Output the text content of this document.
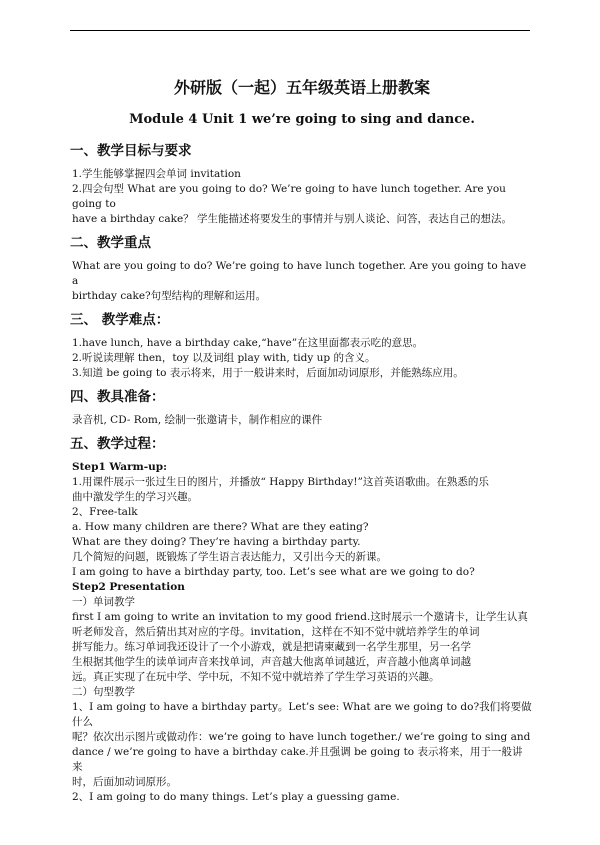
外研版（一起）五年级英语上册教案
Module 4 Unit 1 we’re going to sing and dance.
一、教学目标与要求

1.学生能够掌握四会单词 invitation

2.四会句型 What are you going to do? We’re going to have lunch together. Are you going to

have a birthday cake？ 学生能描述将要发生的事情并与别人谈论、问答，表达自己的想法。

二、教学重点

What are you going to do? We’re going to have lunch together. Are you going to have a

birthday cake?句型结构的理解和运用。

三、 教学难点：

1.have lunch, have a birthday cake,“have”在这里面都表示吃的意思。

2.听说读理解 then，toy 以及词组 play with, tidy up 的含义。

3.知道 be going to 表示将来，用于一般讲来时，后面加动词原形，并能熟练应用。

四、教具准备：

录音机, CD- Rom, 绘制一张邀请卡，制作相应的课件

五、教学过程：

Step1 Warm-up:

1.用课件展示一张过生日的图片，并播放“ Happy Birthday!”这首英语歌曲。在熟悉的乐

曲中激发学生的学习兴趣。

2、Free-talk

a. How many children are there? What are they eating?

What are they doing? They’re having a birthday party.

几个简短的问题，既锻炼了学生语言表达能力，又引出今天的新课。

I am going to have a birthday party, too. Let’s see what are we going to do?

Step2 Presentation

一）单词教学

first I am going to write an invitation to my good friend.这时展示一个邀请卡，让学生认真

听老师发音，然后猜出其对应的字母。invitation，这样在不知不觉中就培养学生的单词

拼写能力。练习单词我还设计了一个小游戏，就是把请柬藏到一名学生那里，另一名学

生根据其他学生的读单词声音来找单词，声音越大他离单词越近，声音越小他离单词越

远。真正实现了在玩中学、学中玩，不知不觉中就培养了学生学习英语的兴趣。

二）句型教学

1、I am going to have a birthday party。Let’s see: What are we going to do?我们将要做什么

呢？依次出示图片或做动作：we’re going to have lunch together./ we’re going to sing and

dance / we’re going to have a birthday cake.并且强调 be going to 表示将来，用于一般讲来

时，后面加动词原形。

2、I am going to do many things. Let’s play a guessing game.
